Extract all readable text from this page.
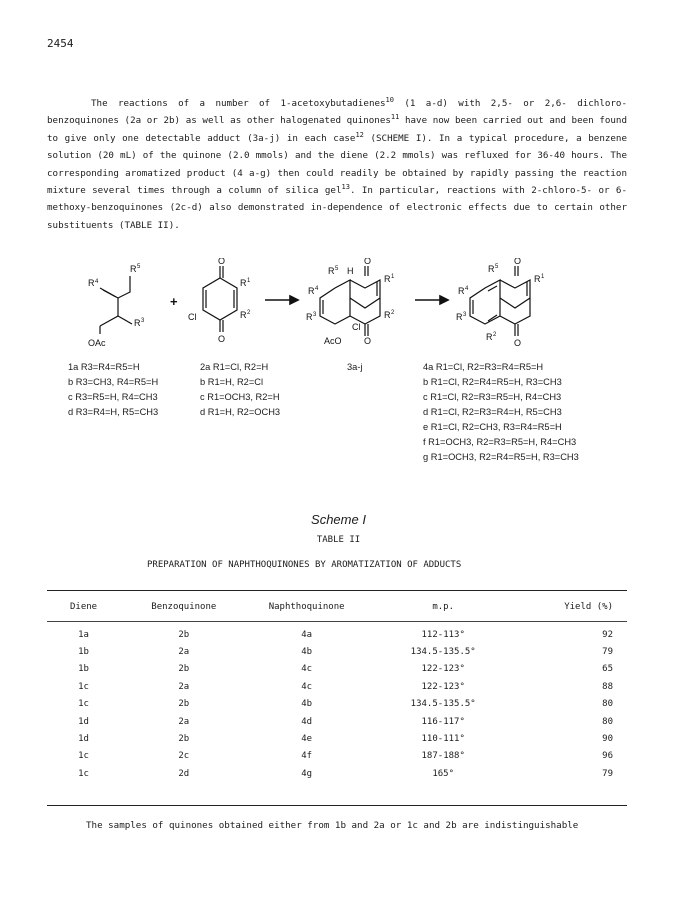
2454

The reactions of a number of 1-acetoxybutadienes$^{10}$ (1 a-d) with 2,5- or 2,6- dichloro-benzoquinones (2a or 2b) as well as other halogenated quinones$^{11}$ have now been carried out and been found to give only one detectable adduct (3a-j) in each case$^{12}$ (SCHEME I). In a typical procedure, a benzene solution (20 mL) of the quinone (2.0 mmols) and the diene (2.2 mmols) was refluxed for 36-40 hours. The corresponding aromatized product (4 a-g) then could readily be obtained by rapidly passing the reaction mixture several times through a column of silica gel$^{13}$. In particular, reactions with 2-chloro-5- or 6-methoxy-benzoquinones (2c-d) also demonstrated in-dependence of electronic effects due to certain other substituents (TABLE II).

R 4
R 5
R 3
OAc
+
O
O
R 1
R 2
Cl
R 5 H
O
R 4
R 1
R 3	R 2
Cl
AcO O
R 5
O
R 4
R 1
R 3
R 2
O
1a R3=R4=R5=H
b R3=CH3, R4=R5=H
c R3=R5=H, R4=CH3
d R3=R4=H, R5=CH3
2a R1=Cl, R2=H
b R1=H, R2=Cl
c R1=OCH3, R2=H
d R1=H, R2=OCH3
3a-j	4a R1=Cl, R2=R3=R4=R5=H
b R1=Cl, R2=R4=R5=H, R3=CH3
c R1=Cl, R2=R3=R5=H, R4=CH3
d R1=Cl, R2=R3=R4=H, R5=CH3
e R1=Cl, R2=CH3, R3=R4=R5=H
f R1=OCH3, R2=R3=R5=H, R4=CH3
g R1=OCH3, R2=R4=R5=H, R3=CH3
Scheme I
TABLE II
PREPARATION OF NAPHTHOQUINONES BY AROMATIZATION OF ADDUCTS
Diene	Benzoquinone	Naphthoquinone	m.p.	Yield (%)

1a	2b	4a	112-113°	92
1b	2a	4b	134.5-135.5°	79
1b	2b	4c	122-123°	65
1c	2a	4c	122-123°	88
1c	2b	4b	134.5-135.5°	80
1d	2a	4d	116-117°	80
1d	2b	4e	110-111°	90
1c	2c	4f	187-188°	96
1c	2d	4g	165°	79
The samples of quinones obtained either from 1b and 2a or 1c and 2b are indistinguishable
